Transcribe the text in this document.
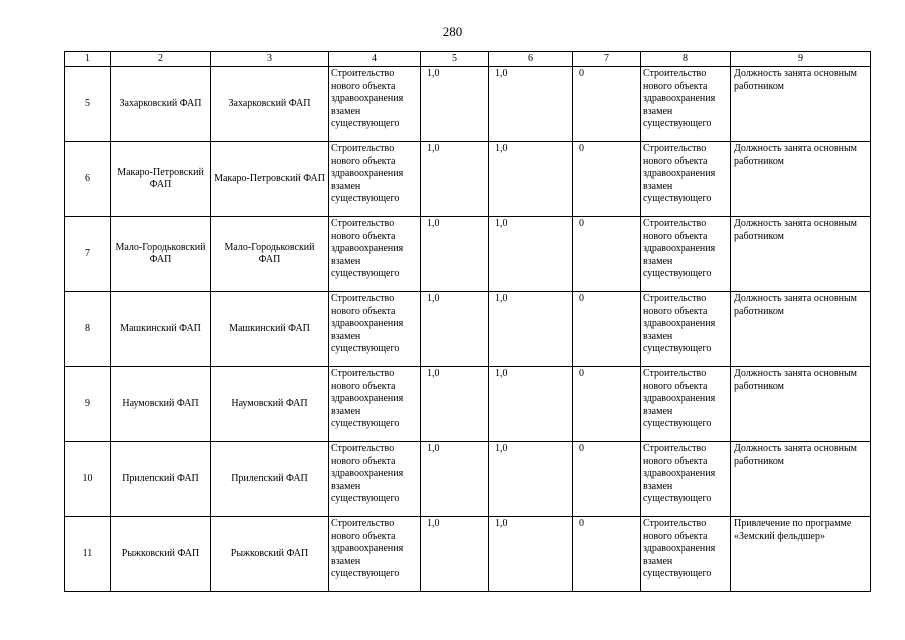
280
1	2	3	4	5	6	7	8	9
5	Захарковский ФАП	Захарковский ФАП	Строительство нового объекта здравоохранения взамен существующего	1,0	1,0	0	Строительство нового объекта здравоохранения взамен существующего	Должность занята основным работником
6	Макаро-Петровский ФАП	Макаро-Петровский ФАП	Строительство нового объекта здравоохранения взамен существующего	1,0	1,0	0	Строительство нового объекта здравоохранения взамен существующего	Должность занята основным работником
7	Мало-Городьковский ФАП	Мало-Городьковский ФАП	Строительство нового объекта здравоохранения взамен существующего	1,0	1,0	0	Строительство нового объекта здравоохранения взамен существующего	Должность занята основным работником
8	Машкинский ФАП	Машкинский ФАП	Строительство нового объекта здравоохранения взамен существующего	1,0	1,0	0	Строительство нового объекта здравоохранения взамен существующего	Должность занята основным работником
9	Наумовский ФАП	Наумовский ФАП	Строительство нового объекта здравоохранения взамен существующего	1,0	1,0	0	Строительство нового объекта здравоохранения взамен существующего	Должность занята основным работником
10	Прилепский ФАП	Прилепский ФАП	Строительство нового объекта здравоохранения взамен существующего	1,0	1,0	0	Строительство нового объекта здравоохранения взамен существующего	Должность занята основным работником
11	Рыжковский ФАП	Рыжковский ФАП	Строительство нового объекта здравоохранения взамен существующего	1,0	1,0	0	Строительство нового объекта здравоохранения взамен существующего	Привлечение по программе «Земский фельдшер»
